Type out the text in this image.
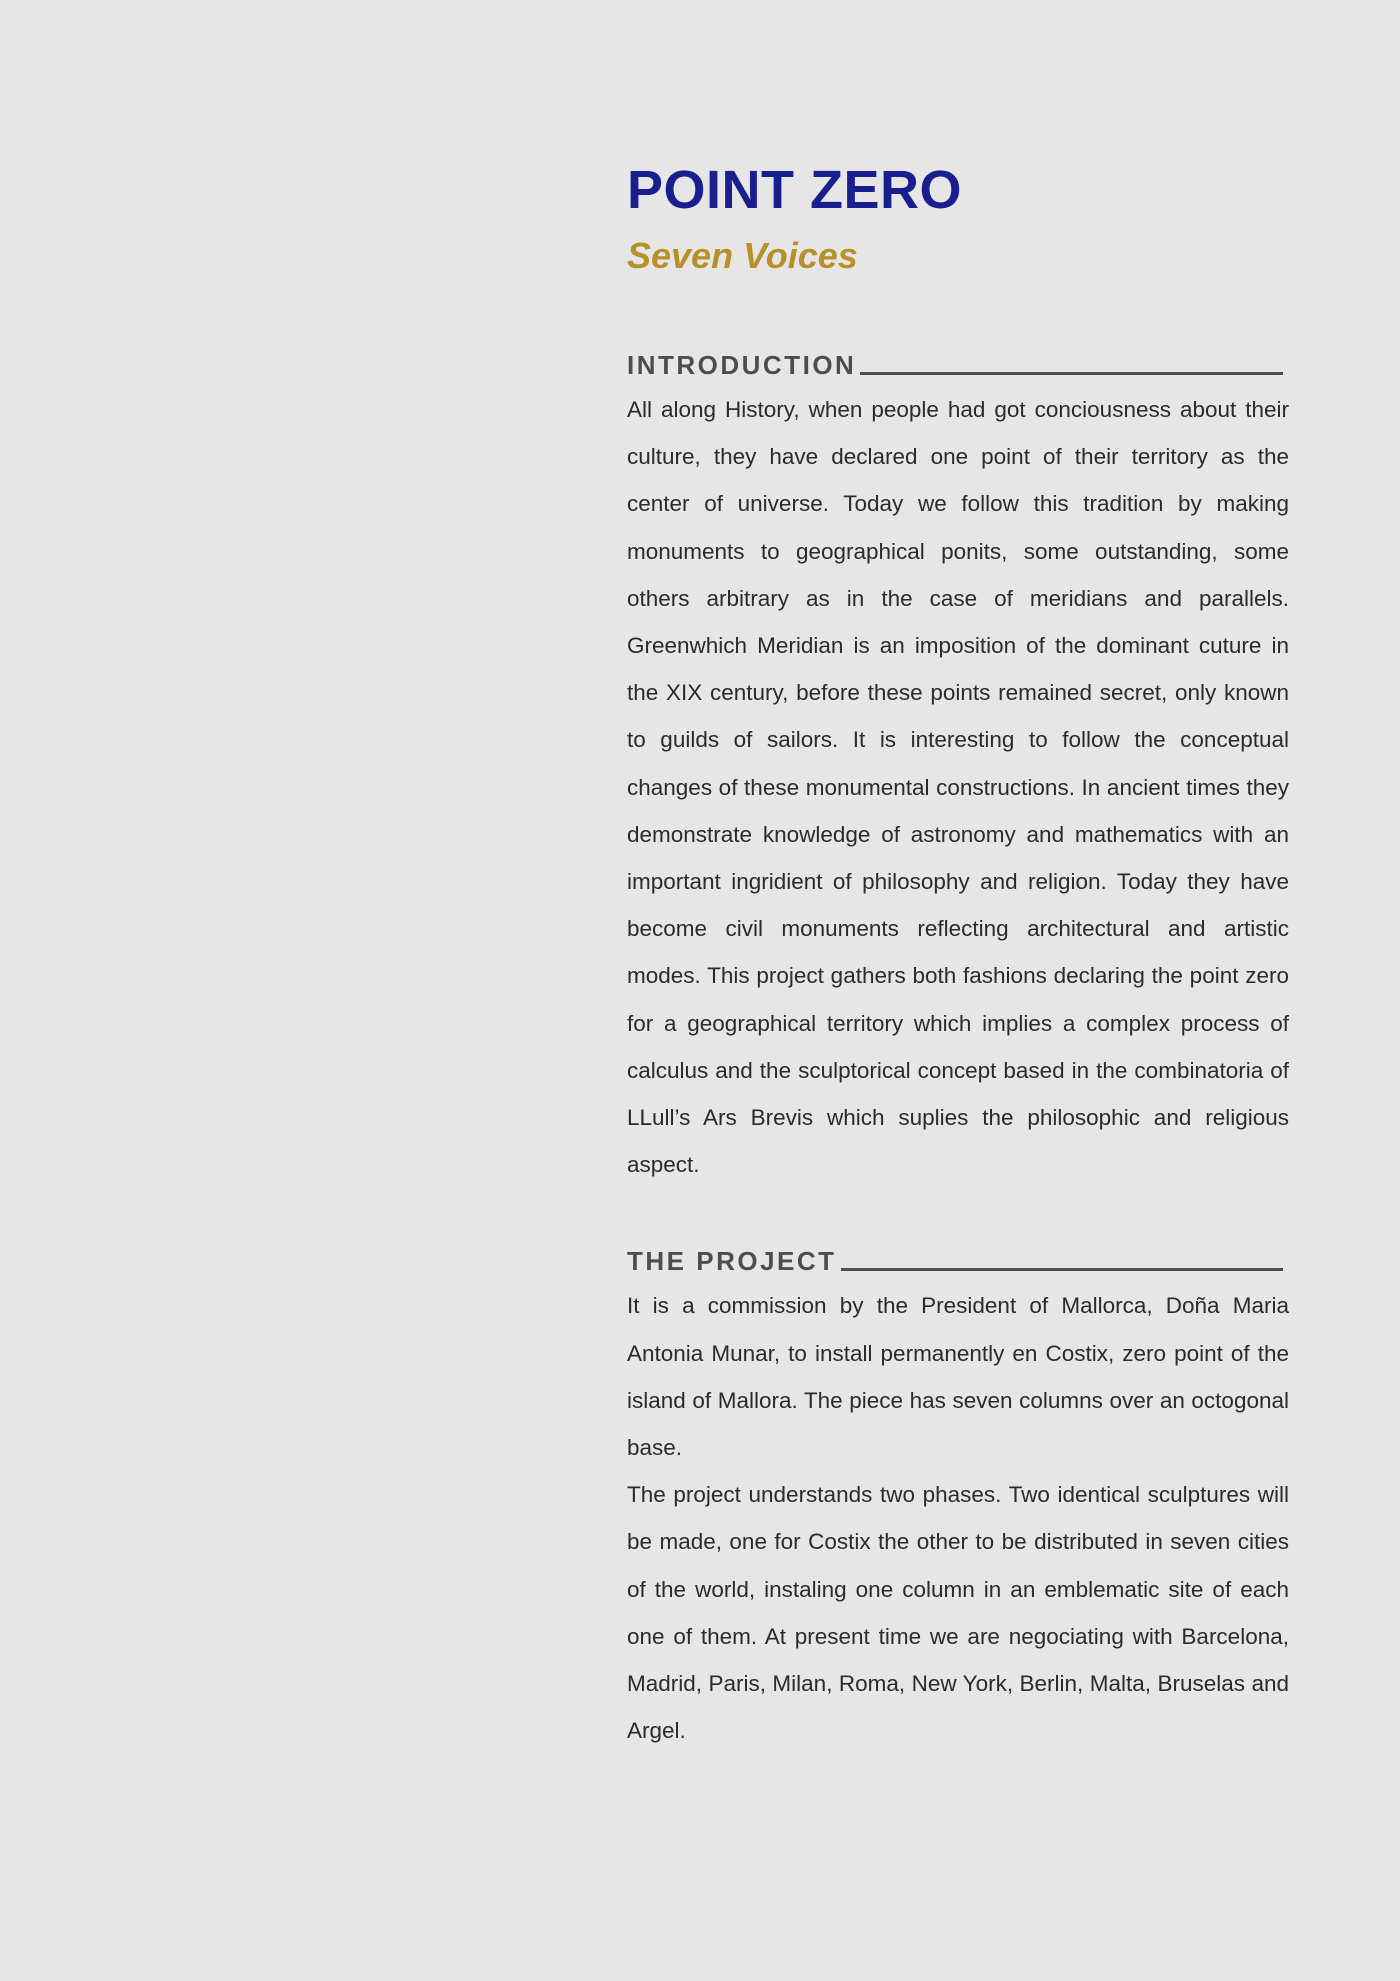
POINT ZERO
Seven Voices
INTRODUCTION

All along History, when people had got conciousness about their culture, they have declared one point of their territory as the center of universe. Today we follow this tradition by making monuments to geographical ponits, some outstanding, some others arbitrary as in the case of meridians and parallels. Greenwhich Meridian is an imposition of the dominant cuture in the XIX century, before these points remained secret, only known to guilds of sailors. It is interesting to follow the conceptual changes of these monumental constructions. In ancient times they demonstrate knowledge of astronomy and mathematics with an important ingridient of philosophy and religion. Today they have become civil monuments reflecting architectural and artistic modes. This project gathers both fashions declaring the point zero for a geographical territory which implies a complex process of calculus and the sculptorical concept based in the combinatoria of LLull’s Ars Brevis which suplies the philosophic and religious aspect.

THE PROJECT

It is a commission by the President of Mallorca, Doña Maria Antonia Munar, to install permanently en Costix, zero point of the island of Mallora. The piece has seven columns over an octogonal base.

The project understands two phases. Two identical sculptures will be made, one for Costix the other to be distributed in seven cities of the world, instaling one column in an emblematic site of each one of them. At present time we are negociating with Barcelona, Madrid, Paris, Milan, Roma, New York, Berlin, Malta, Bruselas and Argel.
